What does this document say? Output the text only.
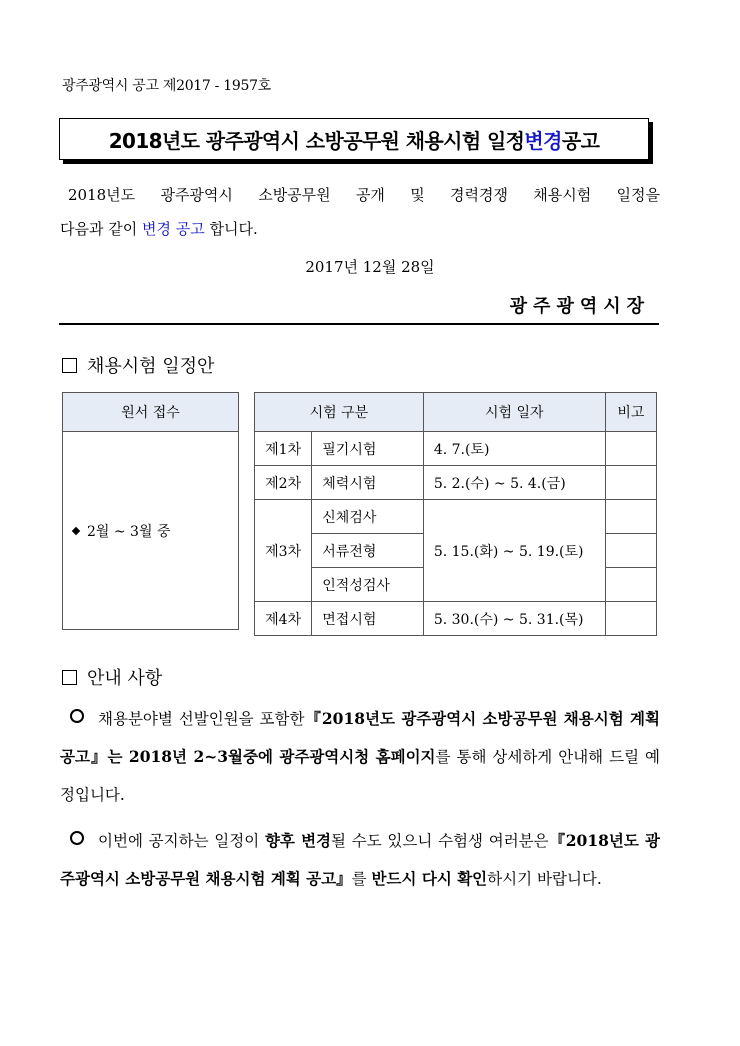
광주광역시 공고 제2017 - 1957호
2018년도 광주광역시 소방공무원 채용시험 일정 변경 공고
2018년도 광주광역시 소방공무원 공개 및 경력경쟁 채용시험 일정을
다음과 같이 변경 공고 합니다.
2017년 12월 28일
광주광역시장
채용시험 일정안
원서 접수
2월 ~ 3월 중
시험 구분		시험 일자	비고
제1차	필기시험	4. 7.(토)	
제2차	체력시험	5. 2.(수) ~ 5. 4.(금)	
제3차	신체검사	5. 15.(화) ~ 5. 19.(토)	
	서류전형		
	인적성검사		
제4차	면접시험	5. 30.(수) ~ 5. 31.(목)	
안내 사항
채용분야별 선발인원을 포함한『2018년도 광주광역시 소방공무원 채용시험 계획 공고』는 2018년 2~3월중에 광주광역시청 홈페이지를 통해 상세하게 안내해 드릴 예정입니다.
이번에 공지하는 일정이 향후 변경될 수도 있으니 수험생 여러분은『2018년도 광주광역시 소방공무원 채용시험 계획 공고』를 반드시 다시 확인하시기 바랍니다.
